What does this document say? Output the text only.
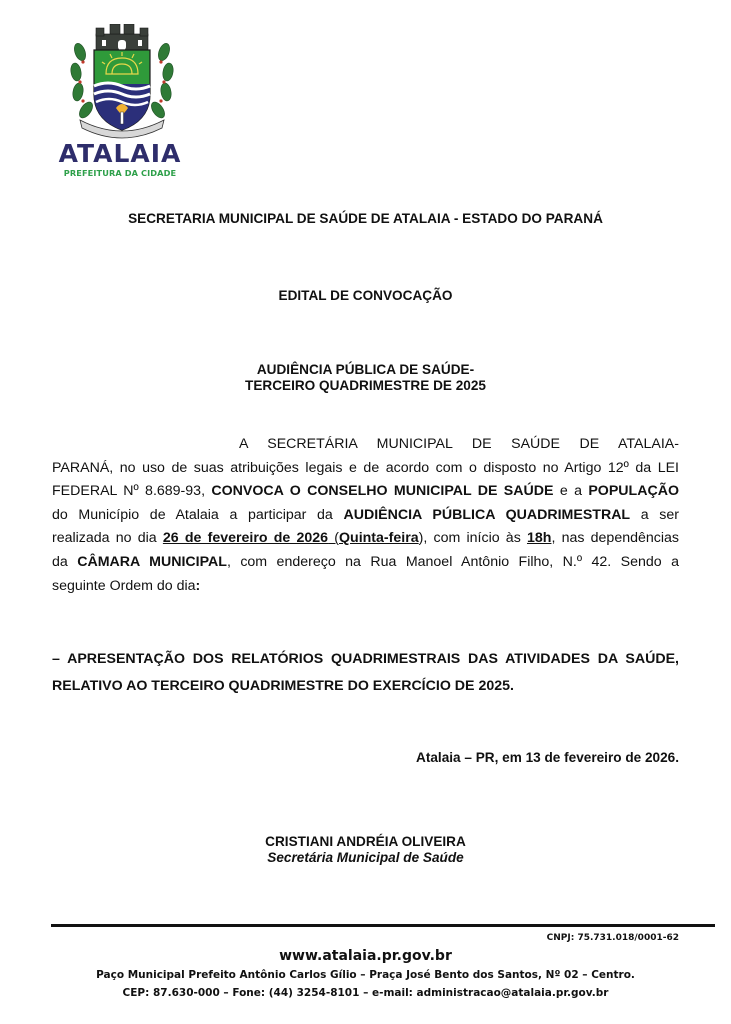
ATALAIA
PREFEITURA DA CIDADE
SECRETARIA MUNICIPAL DE SAÚDE DE ATALAIA - ESTADO DO PARANÁ
EDITAL DE CONVOCAÇÃO
AUDIÊNCIA PÚBLICA DE SAÚDE-
TERCEIRO QUADRIMESTRE DE 2025
A SECRETÁRIA MUNICIPAL DE SAÚDE DE ATALAIA-
PARANÁ, no uso de suas atribuições legais e de acordo com o disposto no Artigo 12º da LEI
FEDERAL Nº 8.689-93, CONVOCA O CONSELHO MUNICIPAL DE SAÚDE e a POPULAÇÃO
do Município de Atalaia a participar da AUDIÊNCIA PÚBLICA QUADRIMESTRAL a ser
realizada no dia 26 de fevereiro de 2026 (Quinta-feira), com início às 18h, nas dependências
da CÂMARA MUNICIPAL, com endereço na Rua Manoel Antônio Filho, N.º 42. Sendo a
seguinte Ordem do dia:
– APRESENTAÇÃO DOS RELATÓRIOS QUADRIMESTRAIS DAS ATIVIDADES DA SAÚDE,
RELATIVO AO TERCEIRO QUADRIMESTRE DO EXERCÍCIO DE 2025.
Atalaia – PR, em 13 de fevereiro de 2026.
CRISTIANI ANDRÉIA OLIVEIRA
Secretária Municipal de Saúde
CNPJ: 75.731.018/0001-62
www.atalaia.pr.gov.br
Paço Municipal Prefeito Antônio Carlos Gílio – Praça José Bento dos Santos, Nº 02 – Centro.
CEP: 87.630-000 – Fone: (44) 3254-8101 – e-mail: administracao@atalaia.pr.gov.br
